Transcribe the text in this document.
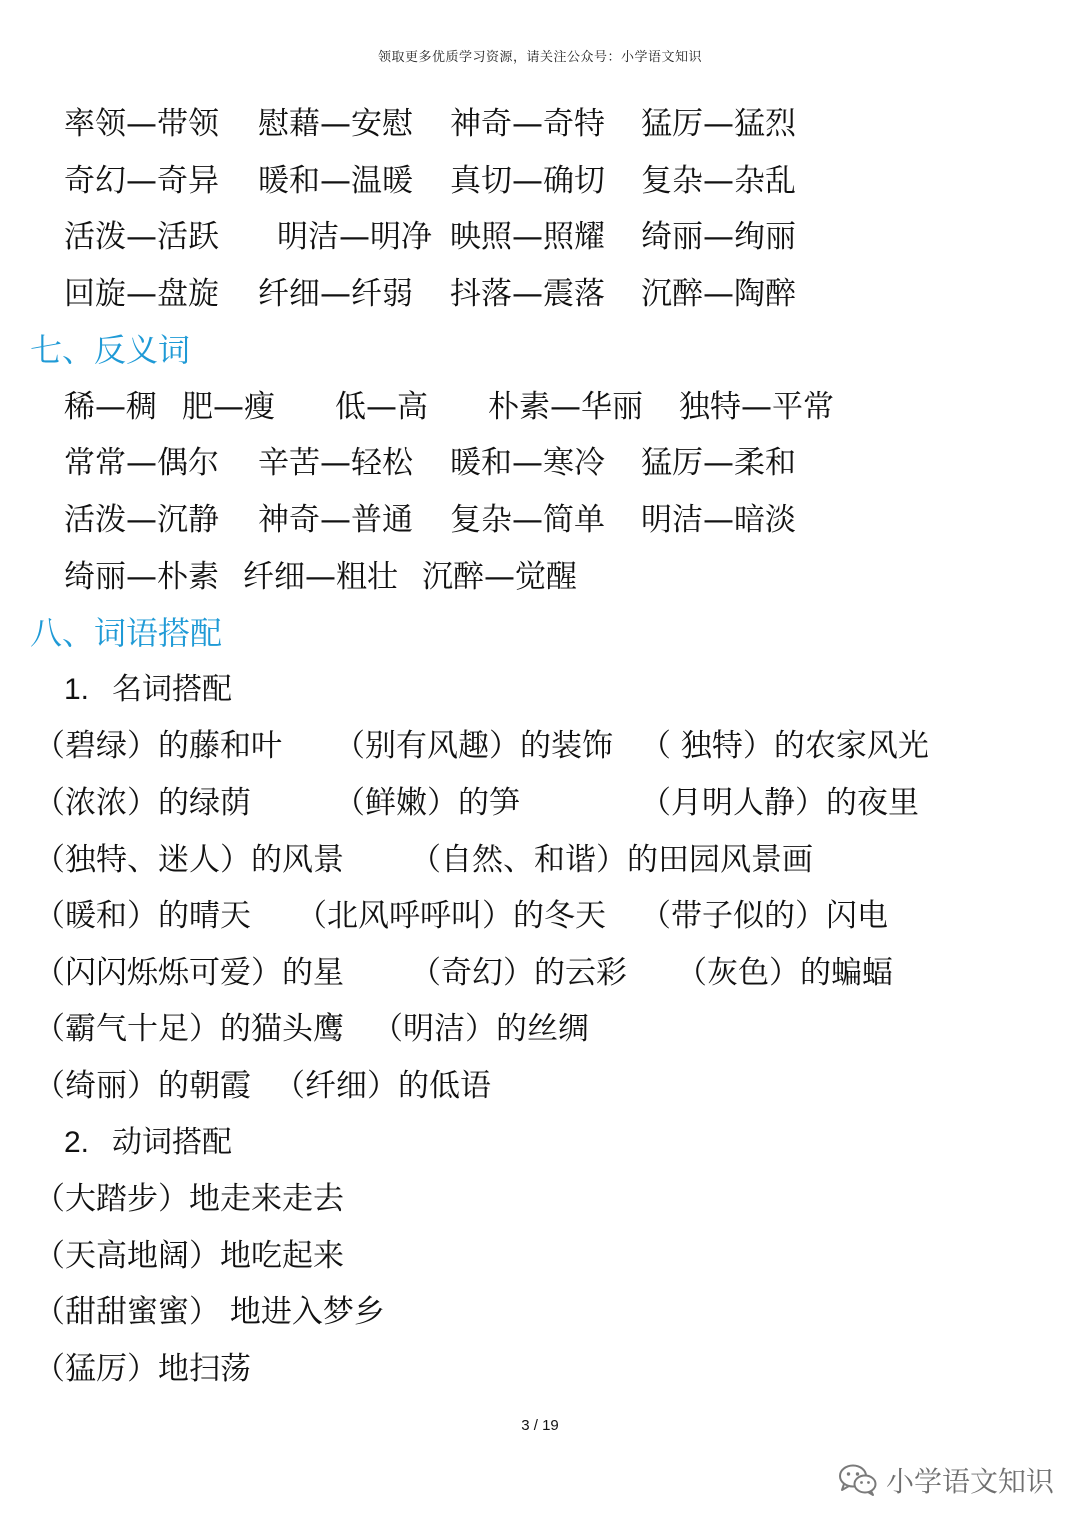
领取更多优质学习资源，请关注公众号：小学语文知识
率领—带领 慰藉—安慰 神奇—奇特 猛厉—猛烈
奇幻—奇异 暖和—温暖 真切—确切 复杂—杂乱
活泼—活跃 明洁—明净 映照—照耀 绮丽—绚丽
回旋—盘旋 纤细—纤弱 抖落—震落 沉醉—陶醉
七、反义词
稀—稠 肥—瘦 低—高 朴素—华丽 独特—平常
常常—偶尔 辛苦—轻松 暖和—寒冷 猛厉—柔和
活泼—沉静 神奇—普通 复杂—简单 明洁—暗淡
绮丽—朴素 纤细—粗壮 沉醉—觉醒
八、词语搭配
1. 名词搭配
（碧绿）的藤和叶 （别有风趣）的装饰 （ 独特）的农家风光
（浓浓）的绿荫	（鲜嫩）的笋	（月明人静）的夜里
（独特、迷人）的风景 （自然、和谐）的田园风景画
（暖和）的晴天 （北风呼呼叫）的冬天 （带子似的）闪电
（闪闪烁烁可爱）的星 （奇幻）的云彩 （灰色）的蝙蝠
（霸气十足）的猫头鹰 （明洁）的丝绸
（绮丽）的朝霞 （纤细）的低语
2. 动词搭配
（大踏步）地走来走去
（天高地阔）地吃起来
（甜甜蜜蜜） 地进入梦乡
（猛厉）地扫荡
3 / 19
小学语文知识
